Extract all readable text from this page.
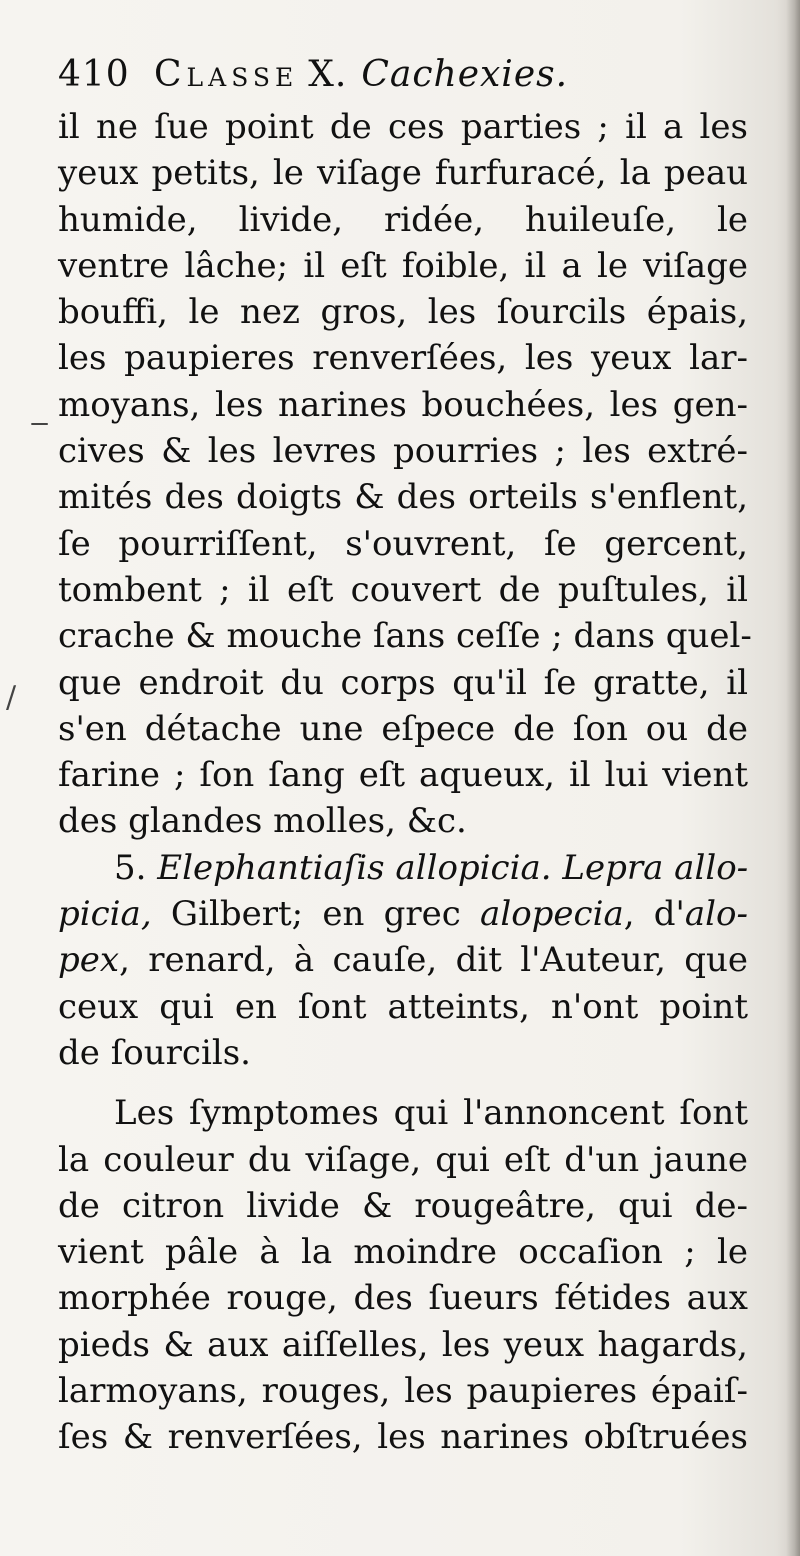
‒
/
410 Classe X. Cachexies.
il ne ſue point de ces parties ; il a les
yeux petits, le viſage furfuracé, la peau
humide, livide, ridée, huileuſe, le
ventre lâche; il eſt foible, il a le viſage
bouffi, le nez gros, les ſourcils épais,
les paupieres renverſées, les yeux lar-
moyans, les narines bouchées, les gen-
cives & les levres pourries ; les extré-
mités des doigts & des orteils s'enflent,
ſe pourriſſent, s'ouvrent, ſe gercent,
tombent ; il eſt couvert de puſtules, il
crache & mouche ſans ceſſe ; dans quel-
que endroit du corps qu'il ſe gratte, il
s'en détache une eſpece de ſon ou de
farine ; ſon ſang eſt aqueux, il lui vient
des glandes molles, &c.
5. Elephantiaſis allopicia. Lepra allo-
picia, Gilbert; en grec alopecia, d'alo-
pex, renard, à cauſe, dit l'Auteur, que
ceux qui en ſont atteints, n'ont point
de ſourcils.
Les ſymptomes qui l'annoncent ſont
la couleur du viſage, qui eſt d'un jaune
de citron livide & rougeâtre, qui de-
vient pâle à la moindre occaſion ; le
morphée rouge, des ſueurs fétides aux
pieds & aux aiſſelles, les yeux hagards,
larmoyans, rouges, les paupieres épaiſ-
ſes & renverſées, les narines obſtruées
